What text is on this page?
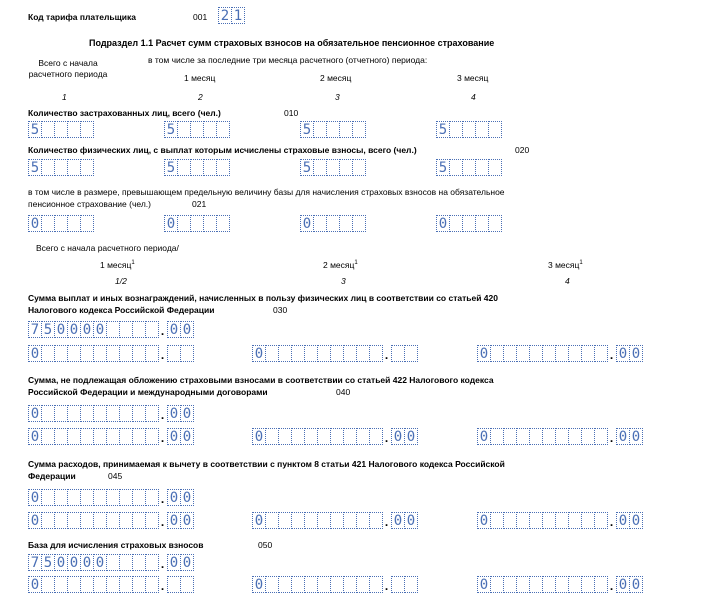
Код тарифа плательщика	001 2 1
Подраздел 1.1 Расчет сумм страховых взносов на обязательное пенсионное страхование
Всего с начала
расчетного периода
в том числе за последние три месяца расчетного (отчетного) периода:
1 месяц	2 месяц	3 месяц
1	2	3	4
Количество застрахованных лиц, всего (чел.)	010
5	5	5	5
Количество физических лиц, с выплат которым исчислены страховые взносы, всего (чел.)	020
5	5	5	5
в том числе в размере, превышающем предельную величину базы для начисления страховых взносов на обязательное
пенсионное страхование (чел.)	021
0	0	0	0
Всего с начала расчетного периода/
1 месяц$^1$	2 месяц$^1$	3 месяц$^1$
1/2	3	4
Сумма выплат и иных вознаграждений, начисленных в пользу физических лиц в соответствии со статьей 420
Налогового кодекса Российской Федерации	030
7 5 0 0 0 0	. 0 0
0	.	0	.	0	. 0 0
Сумма, не подлежащая обложению страховыми взносами в соответствии со статьей 422 Налогового кодекса
Российской Федерации и международными договорами	040
0	. 0 0
0	. 0 0	0	. 0 0	0	. 0 0
Сумма расходов, принимаемая к вычету в соответствии с пунктом 8 статьи 421 Налогового кодекса Российской
Федерации	045
0	. 0 0
0	. 0 0	0	. 0 0	0	. 0 0
База для исчисления страховых взносов	050
7 5 0 0 0 0	. 0 0
0	.	0	.	0	. 0 0
